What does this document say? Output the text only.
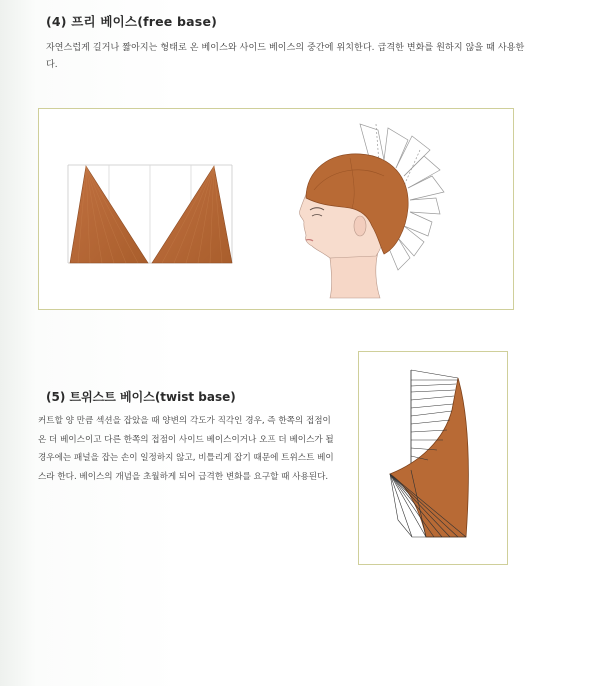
(4) 프리 베이스(free base)
자연스럽게 길거나 짧아지는 형태로 온 베이스와 사이드 베이스의 중간에 위치한다. 급격한 변화를 원하지 않을 때 사용한다.
(5) 트위스트 베이스(twist base)
커트할 양 만큼 섹션을 잡았을 때 양변의 각도가 직각인 경우, 즉 한쪽의 접점이 온 더 베이스이고 다른 한쪽의 접점이 사이드 베이스이거나 오프 더 베이스가 될 경우에는 패널을 잡는 손이 일정하지 않고, 비틀리게 잡기 때문에 트위스트 베이스라 한다. 베이스의 개념을 초월하게 되어 급격한 변화를 요구할 때 사용된다.
